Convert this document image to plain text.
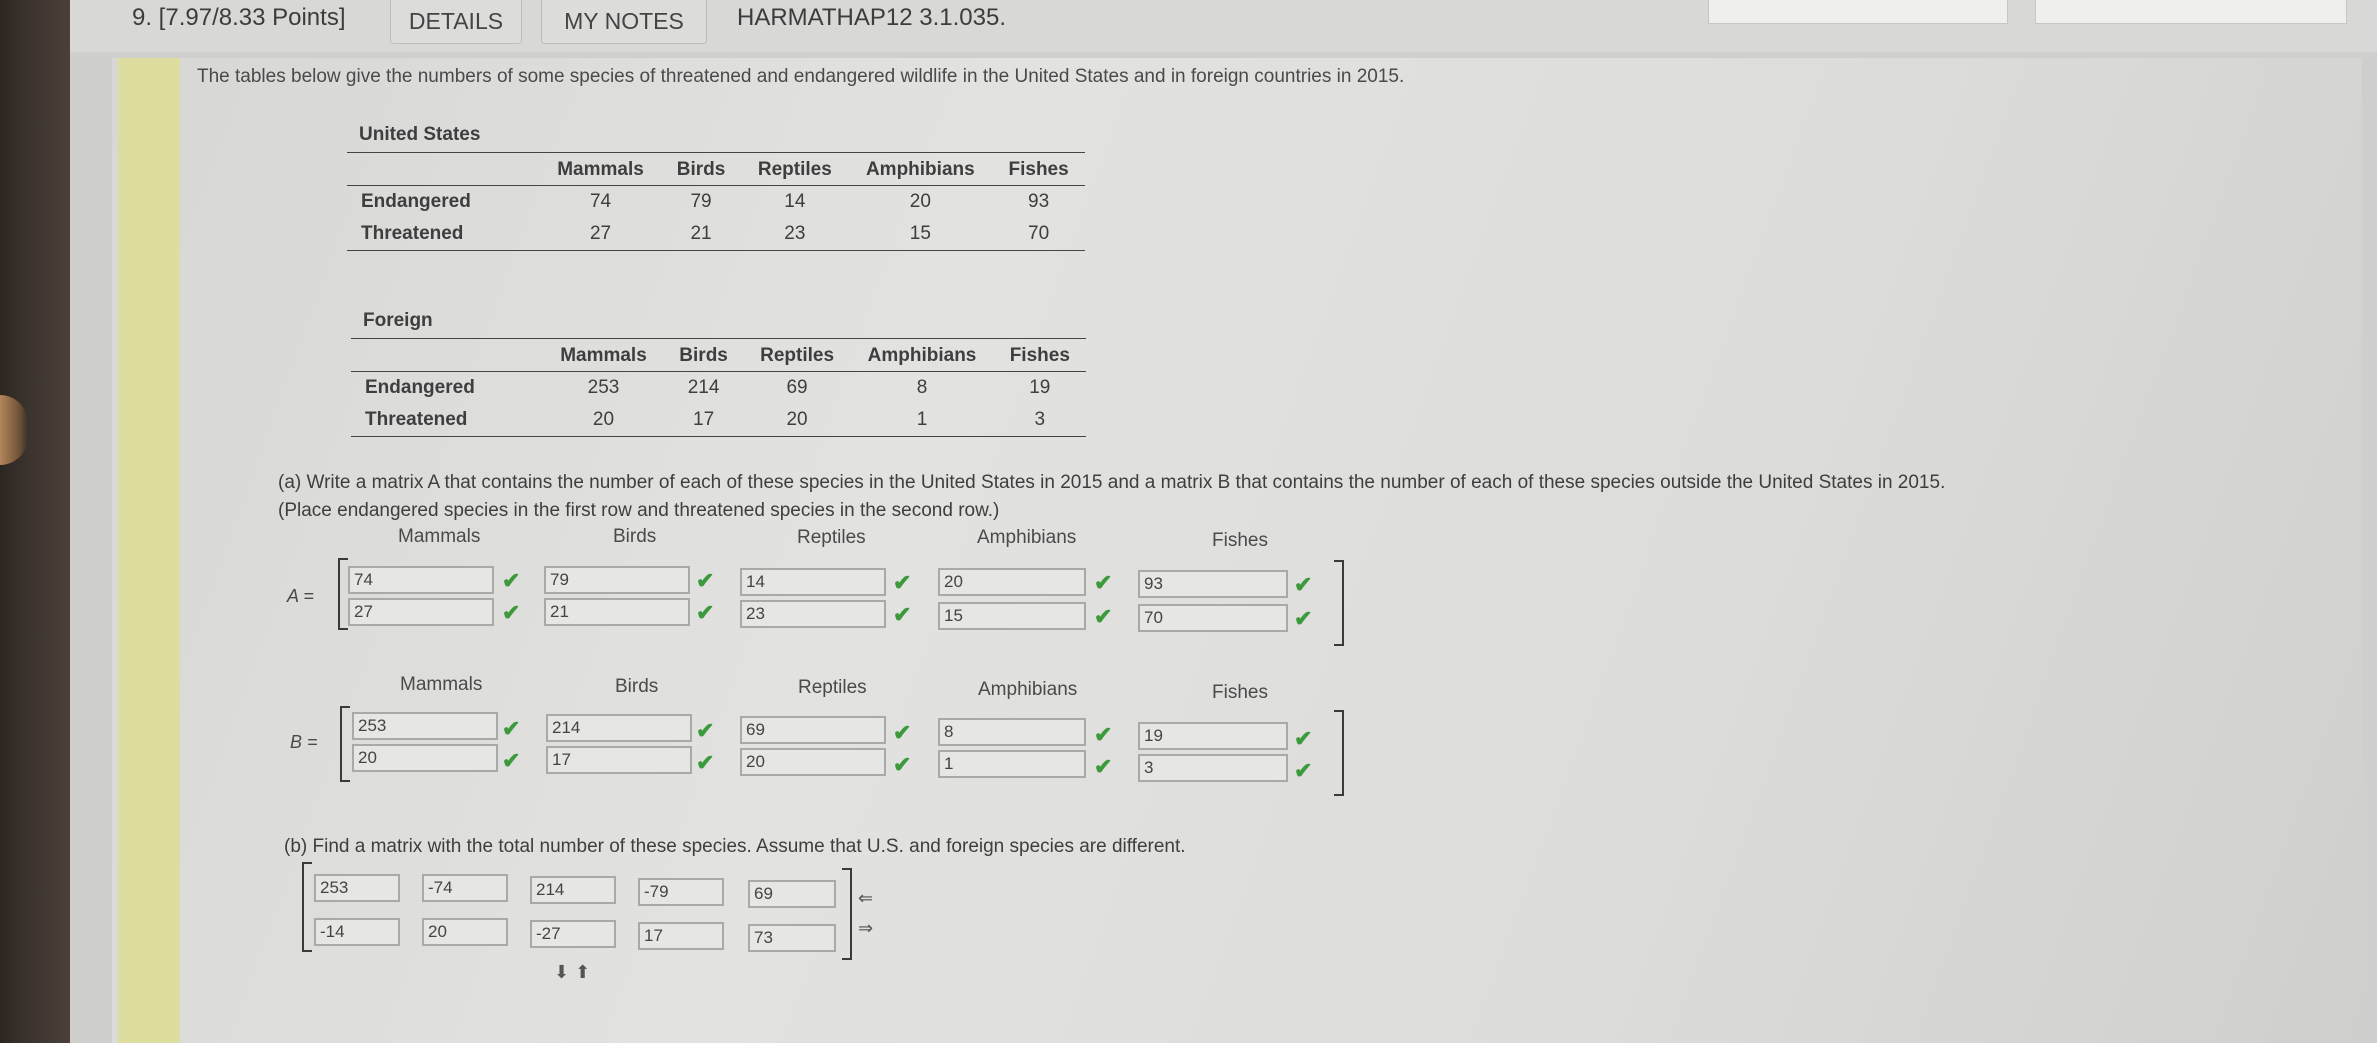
9. [7.97/8.33 Points]	DETAILS	MY NOTES	HARMATHAP12 3.1.035.
The tables below give the numbers of some species of threatened and endangered wildlife in the United States and in foreign countries in 2015.
United States					
	Mammals	Birds	Reptiles	Amphibians	Fishes
Endangered	74	79	14	20	93
Threatened	27	21	23	15	70
Foreign					
	Mammals	Birds	Reptiles	Amphibians	Fishes
Endangered	253	214	69	8	19
Threatened	20	17	20	1	3
(a) Write a matrix A that contains the number of each of these species in the United States in 2015 and a matrix B that contains the number of each of these species outside the United States in 2015.
(Place endangered species in the first row and threatened species in the second row.)
Mammals	Birds	Reptiles	Amphibians	Fishes
A =
74	✔	79	✔	14	✔	20	✔	93	✔
27	✔	21	✔	23	✔	15	✔	70	✔
Mammals	Birds	Reptiles	Amphibians	Fishes
B =
253	✔	214	✔	69	✔	8	✔	19	✔
20	✔	17	✔	20	✔	1	✔	3	✔
(b) Find a matrix with the total number of these species. Assume that U.S. and foreign species are different.
253	-74	214	-79	69
-14	20	-27	17	73
⇐
⇒
⬇⬆
